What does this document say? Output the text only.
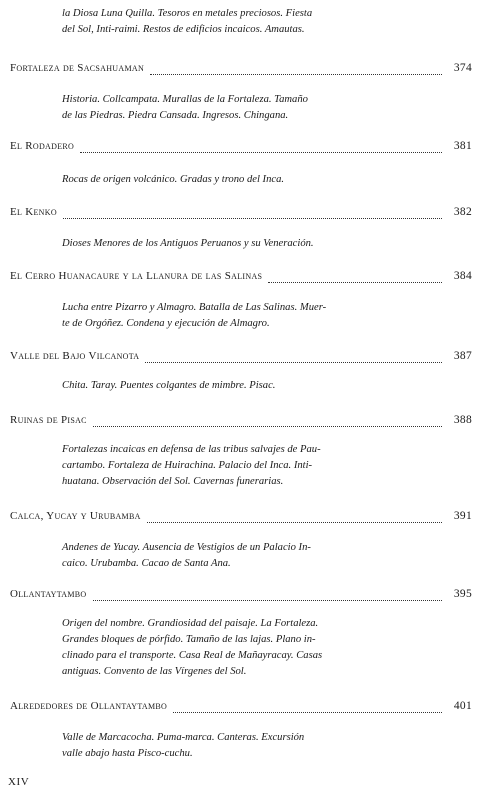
la Diosa Luna Quilla. Tesoros en metales preciosos. Fiesta
del Sol, Inti-raimi. Restos de edificios incaicos. Amautas.
Fortaleza de Sacsahuaman	374
Historia. Collcampata. Murallas de la Fortaleza. Tamaño
de las Piedras. Piedra Cansada. Ingresos. Chingana.
El Rodadero	381
Rocas de origen volcánico. Gradas y trono del Inca.
El Kenko	382
Dioses Menores de los Antiguos Peruanos y su Veneración.
El Cerro Huanacaure y la Llanura de las Salinas	384
Lucha entre Pizarro y Almagro. Batalla de Las Salinas. Muer-
te de Orgóñez. Condena y ejecución de Almagro.
Valle del Bajo Vilcanota	387
Chita. Taray. Puentes colgantes de mimbre. Pisac.
Ruinas de Pisac	388
Fortalezas incaicas en defensa de las tribus salvajes de Pau-
cartambo. Fortaleza de Huirachina. Palacio del Inca. Inti-
huatana. Observación del Sol. Cavernas funerarias.
Calca, Yucay y Urubamba	391
Andenes de Yucay. Ausencia de Vestigios de un Palacio In-
caico. Urubamba. Cacao de Santa Ana.
Ollantaytambo	395
Origen del nombre. Grandiosidad del paisaje. La Fortaleza.
Grandes bloques de pórfido. Tamaño de las lajas. Plano in-
clinado para el transporte. Casa Real de Mañayracay. Casas
antiguas. Convento de las Vírgenes del Sol.
Alrededores de Ollantaytambo	401
Valle de Marcacocha. Puma-marca. Canteras. Excursión
valle abajo hasta Pisco-cuchu.
XIV
